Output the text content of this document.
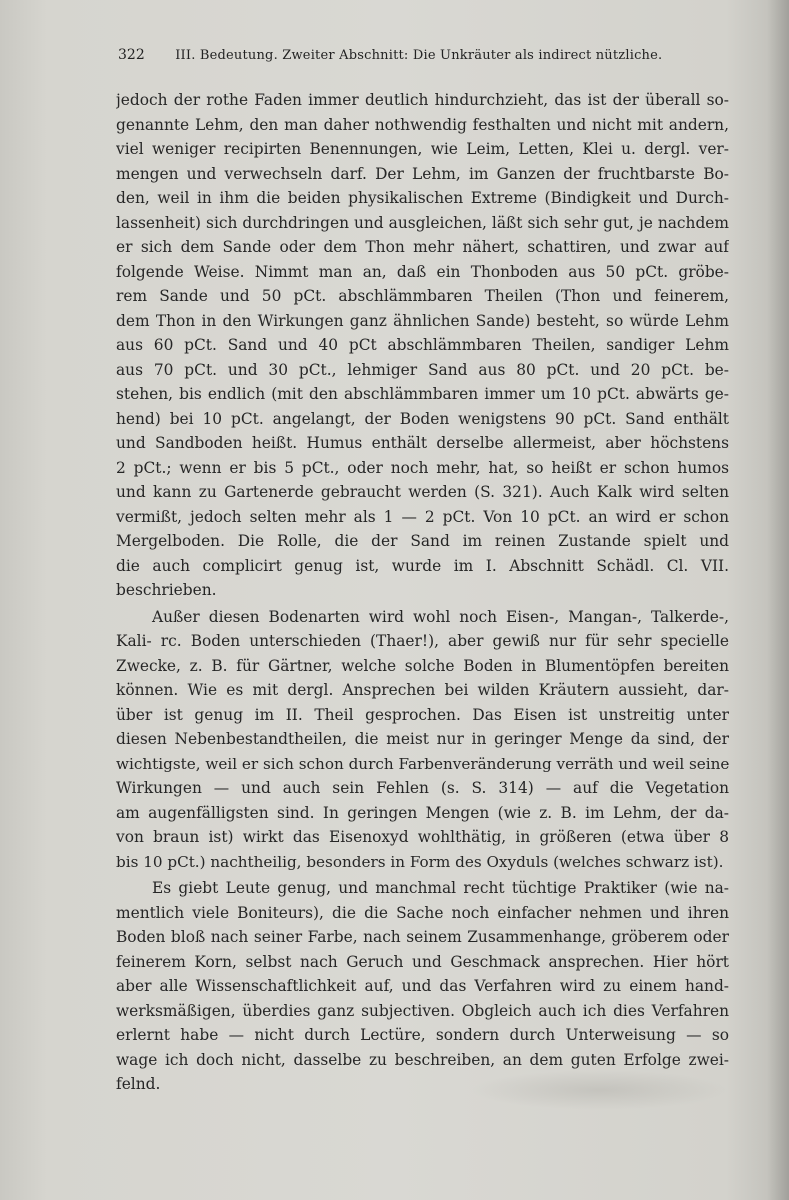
322 III. Bedeutung. Zweiter Abschnitt: Die Unkräuter als indirect nützliche.
jedoch der rothe Faden immer deutlich hindurchzieht, das ist der überall so-
genannte Lehm, den man daher nothwendig festhalten und nicht mit andern,
viel weniger recipirten Benennungen, wie Leim, Letten, Klei u. dergl. ver-
mengen und verwechseln darf. Der Lehm, im Ganzen der fruchtbarste Bo-
den, weil in ihm die beiden physikalischen Extreme (Bindigkeit und Durch-
lassenheit) sich durchdringen und ausgleichen, läßt sich sehr gut, je nachdem
er sich dem Sande oder dem Thon mehr nähert, schattiren, und zwar auf
folgende Weise. Nimmt man an, daß ein Thonboden aus 50 pCt. gröbe-
rem Sande und 50 pCt. abschlämmbaren Theilen (Thon und feinerem,
dem Thon in den Wirkungen ganz ähnlichen Sande) besteht, so würde Lehm
aus 60 pCt. Sand und 40 pCt abschlämmbaren Theilen, sandiger Lehm
aus 70 pCt. und 30 pCt., lehmiger Sand aus 80 pCt. und 20 pCt. be-
stehen, bis endlich (mit den abschlämmbaren immer um 10 pCt. abwärts ge-
hend) bei 10 pCt. angelangt, der Boden wenigstens 90 pCt. Sand enthält
und Sandboden heißt. Humus enthält derselbe allermeist, aber höchstens
2 pCt.; wenn er bis 5 pCt., oder noch mehr, hat, so heißt er schon humos
und kann zu Gartenerde gebraucht werden (S. 321). Auch Kalk wird selten
vermißt, jedoch selten mehr als 1 — 2 pCt. Von 10 pCt. an wird er schon
Mergelboden. Die Rolle, die der Sand im reinen Zustande spielt und
die auch complicirt genug ist, wurde im I. Abschnitt Schädl. Cl. VII.
beschrieben.
Außer diesen Bodenarten wird wohl noch Eisen-, Mangan-, Talkerde-,
Kali- rc. Boden unterschieden (Thaer!), aber gewiß nur für sehr specielle
Zwecke, z. B. für Gärtner, welche solche Boden in Blumentöpfen bereiten
können. Wie es mit dergl. Ansprechen bei wilden Kräutern aussieht, dar-
über ist genug im II. Theil gesprochen. Das Eisen ist unstreitig unter
diesen Nebenbestandtheilen, die meist nur in geringer Menge da sind, der
wichtigste, weil er sich schon durch Farbenveränderung verräth und weil seine
Wirkungen — und auch sein Fehlen (s. S. 314) — auf die Vegetation
am augenfälligsten sind. In geringen Mengen (wie z. B. im Lehm, der da-
von braun ist) wirkt das Eisenoxyd wohlthätig, in größeren (etwa über 8
bis 10 pCt.) nachtheilig, besonders in Form des Oxyduls (welches schwarz ist).
Es giebt Leute genug, und manchmal recht tüchtige Praktiker (wie na-
mentlich viele Boniteurs), die die Sache noch einfacher nehmen und ihren
Boden bloß nach seiner Farbe, nach seinem Zusammenhange, gröberem oder
feinerem Korn, selbst nach Geruch und Geschmack ansprechen. Hier hört
aber alle Wissenschaftlichkeit auf, und das Verfahren wird zu einem hand-
werksmäßigen, überdies ganz subjectiven. Obgleich auch ich dies Verfahren
erlernt habe — nicht durch Lectüre, sondern durch Unterweisung — so
wage ich doch nicht, dasselbe zu beschreiben, an dem guten Erfolge zwei-
felnd.
